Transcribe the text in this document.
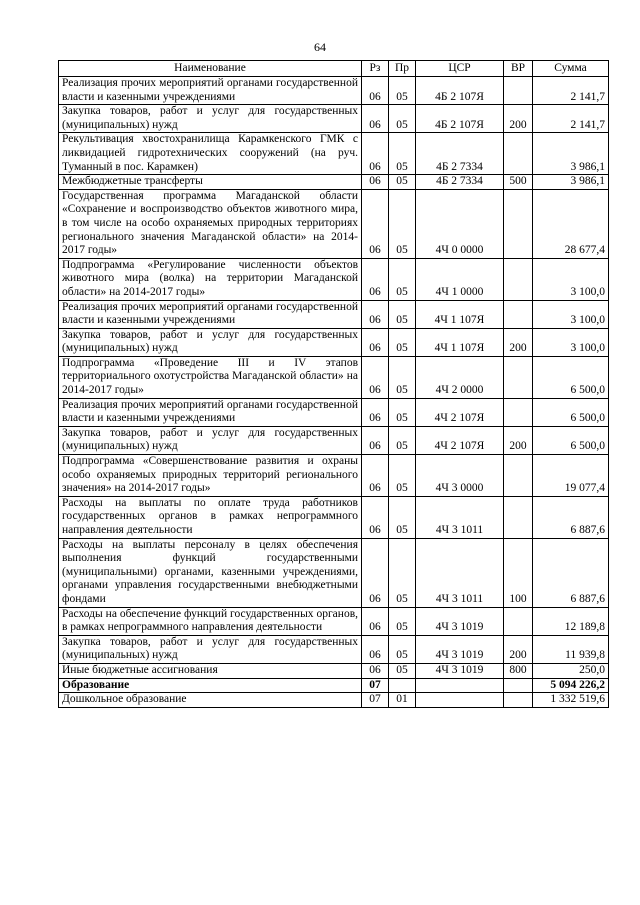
64
Наименование	Рз	Пр	ЦСР	ВР	Сумма
Реализация прочих мероприятий органами государственной власти и казенными учреждениями	06	05	4Б 2 107Я		2 141,7
Закупка товаров, работ и услуг для государственных (муниципальных) нужд	06	05	4Б 2 107Я	200	2 141,7
Рекультивация хвостохранилища Карамкенского ГМК с ликвидацией гидротехнических сооружений (на руч. Туманный в пос. Карамкен)	06	05	4Б 2 7334		3 986,1
Межбюджетные трансферты	06	05	4Б 2 7334	500	3 986,1
Государственная программа Магаданской области «Сохранение и воспроизводство объектов животного мира, в том числе на особо охраняемых природных территориях регионального значения Магаданской области» на 2014-2017 годы»	06	05	4Ч 0 0000		28 677,4
Подпрограмма «Регулирование численности объектов животного мира (волка) на территории Магаданской области» на 2014-2017 годы»	06	05	4Ч 1 0000		3 100,0
Реализация прочих мероприятий органами государственной власти и казенными учреждениями	06	05	4Ч 1 107Я		3 100,0
Закупка товаров, работ и услуг для государственных (муниципальных) нужд	06	05	4Ч 1 107Я	200	3 100,0
Подпрограмма «Проведение III и IV этапов территориального охотустройства Магаданской области» на 2014-2017 годы»	06	05	4Ч 2 0000		6 500,0
Реализация прочих мероприятий органами государственной власти и казенными учреждениями	06	05	4Ч 2 107Я		6 500,0
Закупка товаров, работ и услуг для государственных (муниципальных) нужд	06	05	4Ч 2 107Я	200	6 500,0
Подпрограмма «Совершенствование развития и охраны особо охраняемых природных территорий регионального значения» на 2014-2017 годы»	06	05	4Ч 3 0000		19 077,4
Расходы на выплаты по оплате труда работников государственных органов в рамках непрограммного направления деятельности	06	05	4Ч 3 1011		6 887,6
Расходы на выплаты персоналу в целях обеспечения выполнения функций государственными (муниципальными) органами, казенными учреждениями, органами управления государственными внебюджетными фондами	06	05	4Ч 3 1011	100	6 887,6
Расходы на обеспечение функций государственных органов, в рамках непрограммного направления деятельности	06	05	4Ч 3 1019		12 189,8
Закупка товаров, работ и услуг для государственных (муниципальных) нужд	06	05	4Ч 3 1019	200	11 939,8
Иные бюджетные ассигнования	06	05	4Ч 3 1019	800	250,0
Образование	07				5 094 226,2
Дошкольное образование	07	01			1 332 519,6
